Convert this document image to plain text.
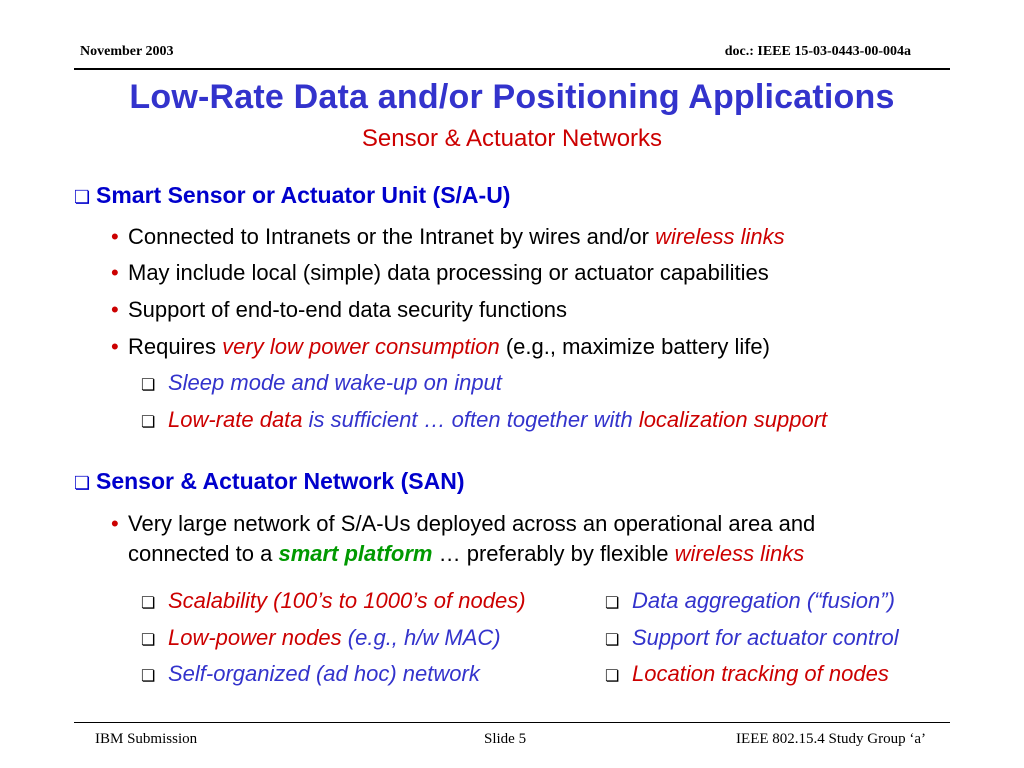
November 2003	doc.: IEEE 15-03-0443-00-004a
Low-Rate Data and/or Positioning Applications
Sensor & Actuator Networks
❏ Smart Sensor or Actuator Unit (S/A-U)
• Connected to Intranets or the Intranet by wires and/or wireless links
• May include local (simple) data processing or actuator capabilities
• Support of end-to-end data security functions
• Requires very low power consumption (e.g., maximize battery life)
❏ Sleep mode and wake-up on input
❏ Low-rate data is sufficient … often together with localization support
❏ Sensor & Actuator Network (SAN)
• Very large network of S/A-Us deployed across an operational area and
connected to a smart platform … preferably by flexible wireless links
❏ Scalability (100’s to 1000’s of nodes)
❏ Low-power nodes (e.g., h/w MAC)
❏ Self-organized (ad hoc) network
❏ Data aggregation (“fusion”)
❏ Support for actuator control
❏ Location tracking of nodes
IBM Submission	Slide 5	IEEE 802.15.4 Study Group ‘a’
